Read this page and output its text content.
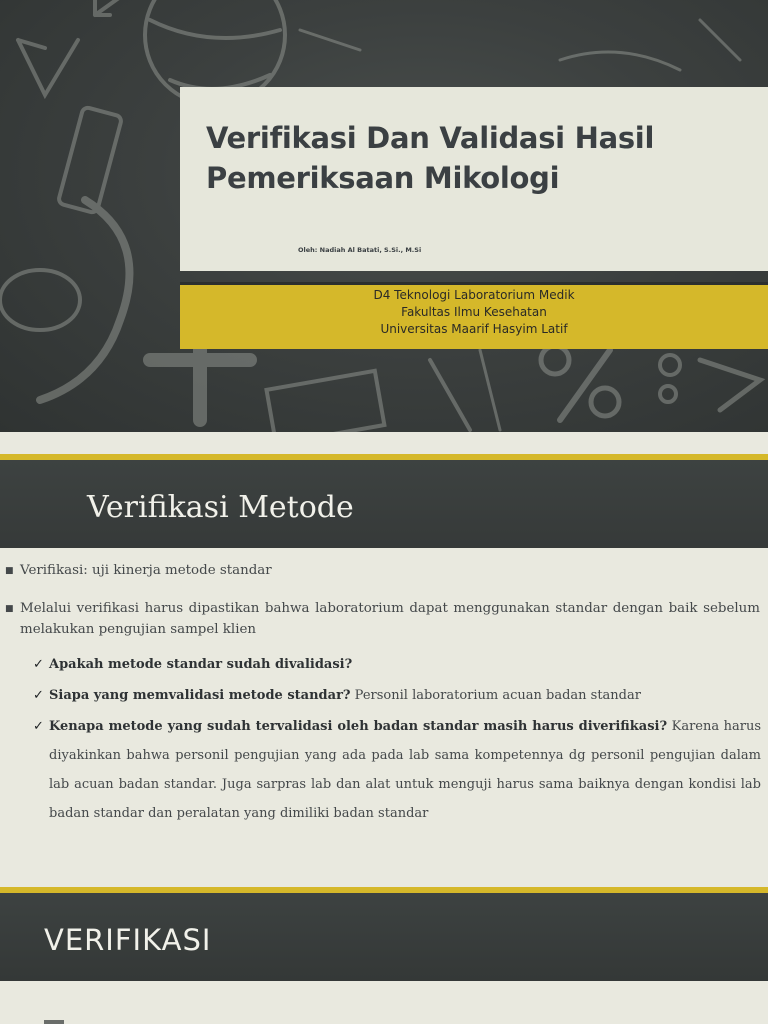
Verifikasi Dan Validasi Hasil Pemeriksaan Mikologi
Oleh: Nadiah Al Batati, S.Si., M.Si
D4 Teknologi Laboratorium Medik
Fakultas Ilmu Kesehatan
Universitas Maarif Hasyim Latif
Verifikasi Metode
■ Verifikasi: uji kinerja metode standar
■ Melalui verifikasi harus dipastikan bahwa laboratorium dapat menggunakan standar dengan baik sebelum melakukan pengujian sampel klien
✓ Apakah metode standar sudah divalidasi?
✓ Siapa yang memvalidasi metode standar? Personil laboratorium acuan badan standar
✓ Kenapa metode yang sudah tervalidasi oleh badan standar masih harus diverifikasi? Karena harus diyakinkan bahwa personil pengujian yang ada pada lab sama kompetennya dg personil pengujian dalam lab acuan badan standar. Juga sarpras lab dan alat untuk menguji harus sama baiknya dengan kondisi lab badan standar dan peralatan yang dimiliki badan standar
VERIFIKASI
